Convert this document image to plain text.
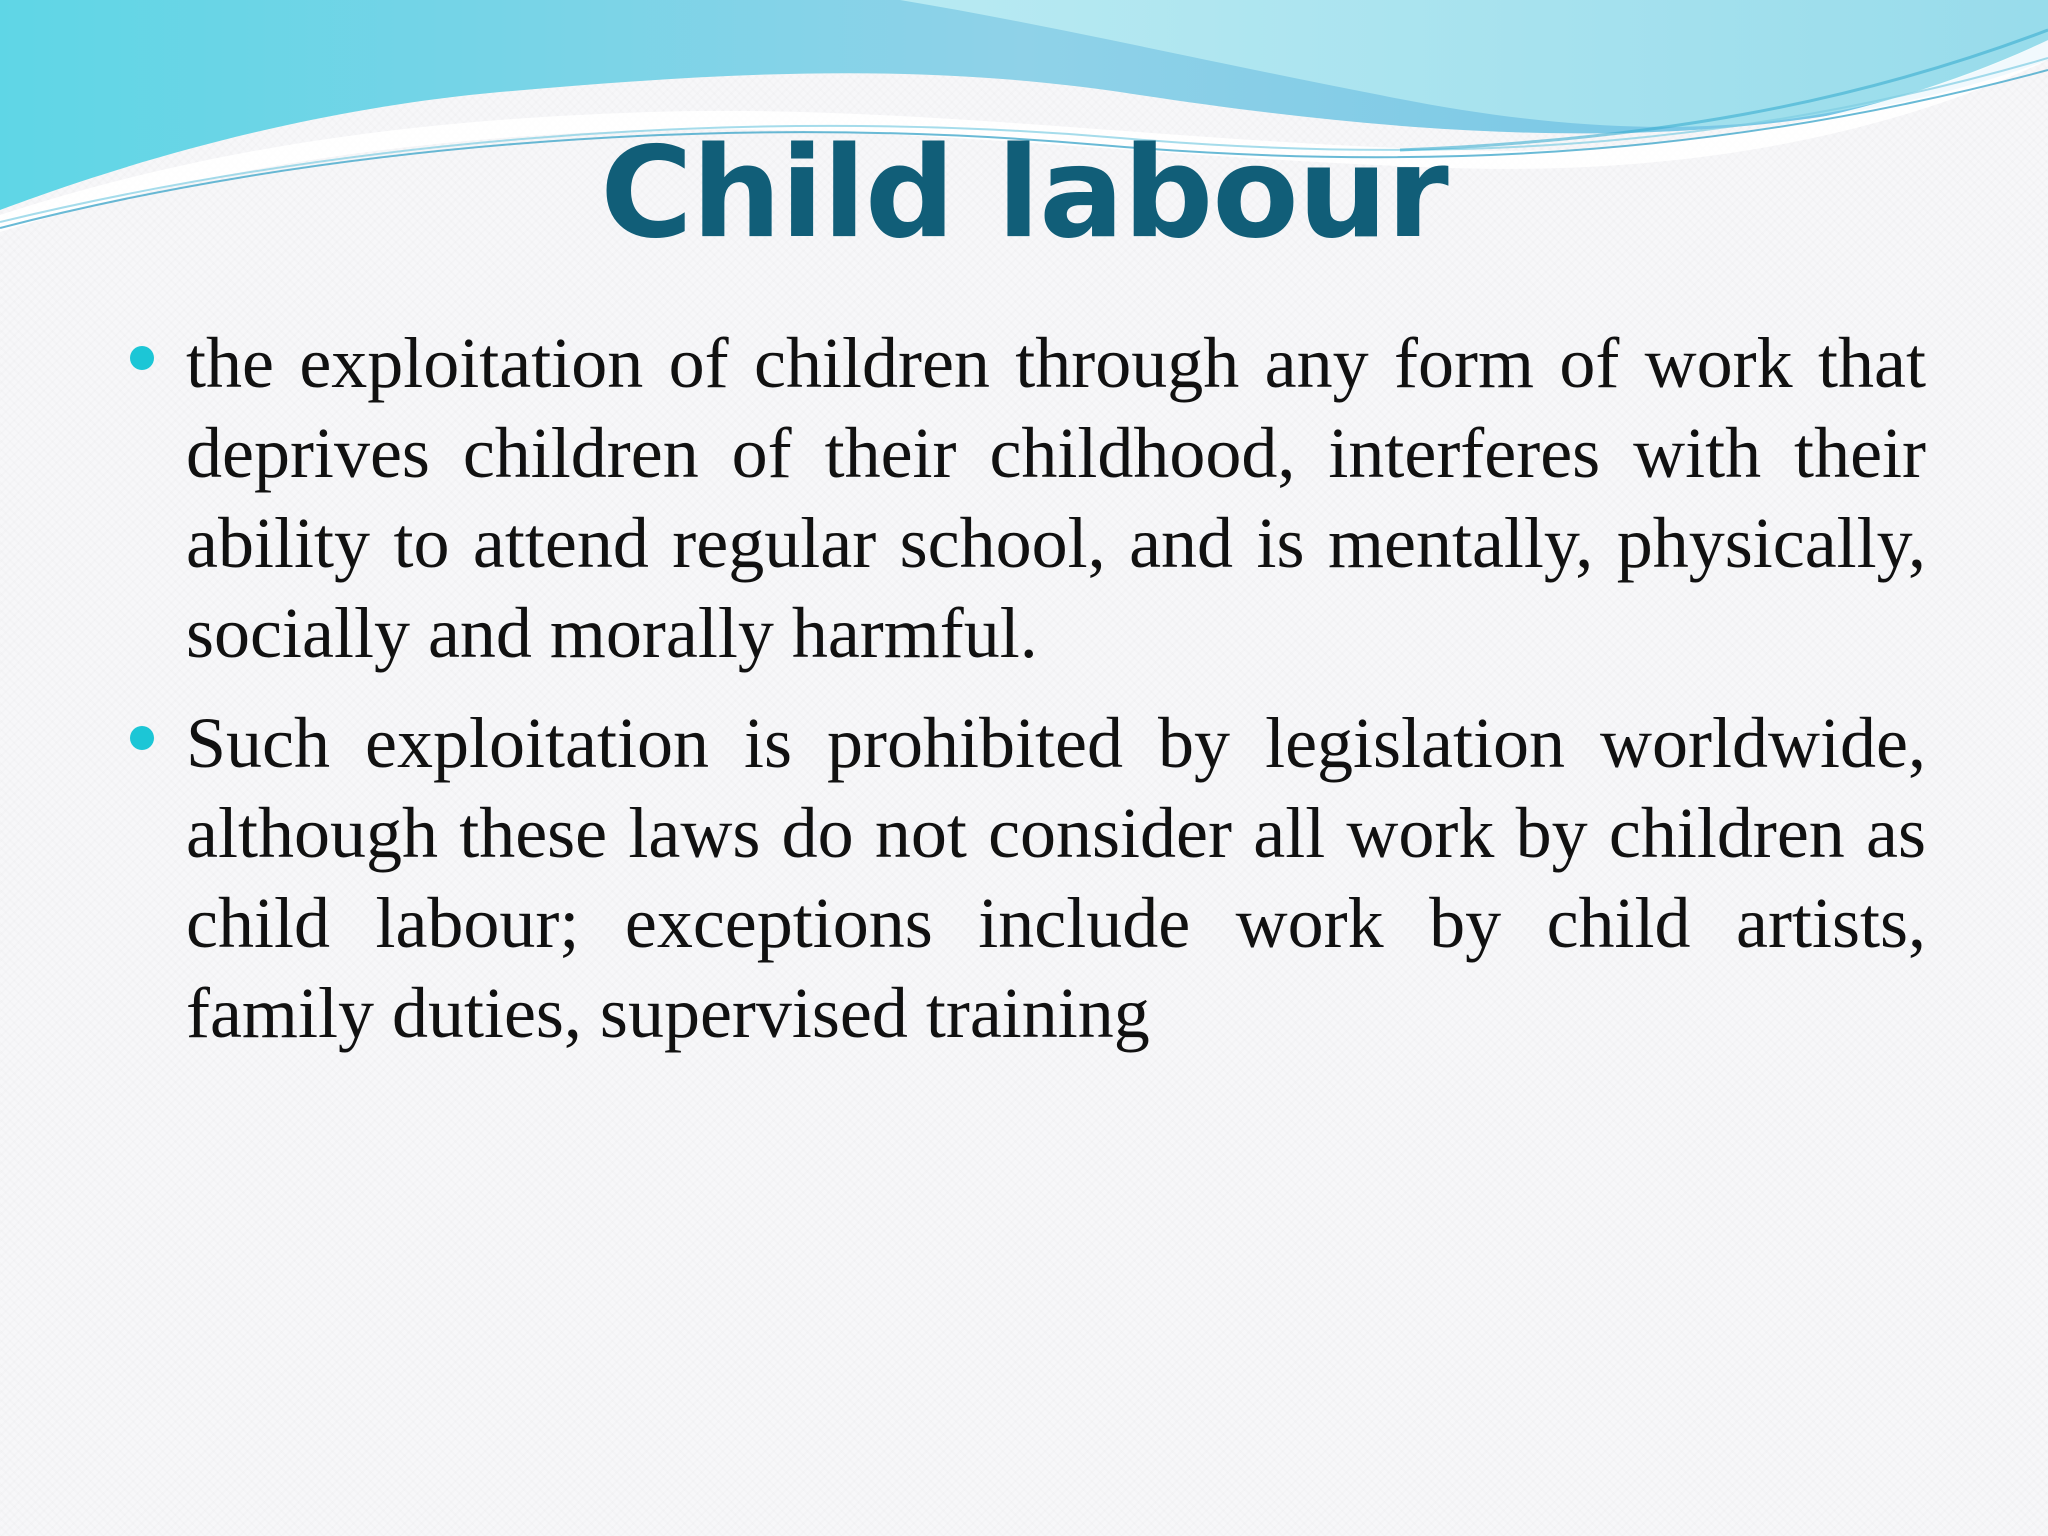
Child labour
the exploitation of children through any form of work that deprives children of their childhood, interferes with their ability to attend regular school, and is mentally, physically, socially and morally harmful.
Such exploitation is prohibited by legislation worldwide, although these laws do not consider all work by children as child labour; exceptions include work by child artists, family duties, supervised training
